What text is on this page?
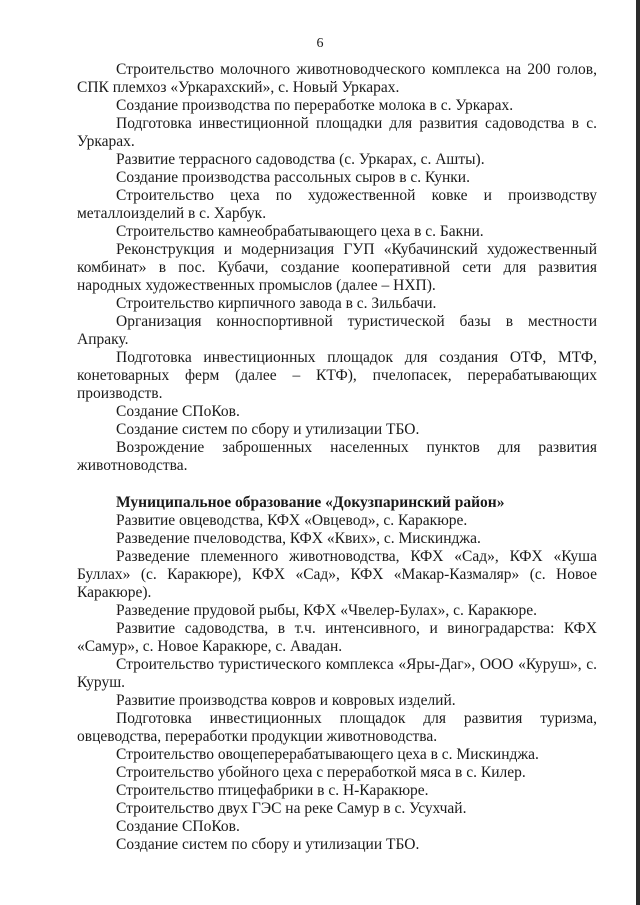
6

Строительство молочного животноводческого комплекса на 200 голов, СПК племхоз «Уркарахский», с. Новый Уркарах.

Создание производства по переработке молока в с. Уркарах.

Подготовка инвестиционной площадки для развития садоводства в с. Уркарах.

Развитие террасного садоводства (с. Уркарах, с. Ашты).

Создание производства рассольных сыров в с. Кунки.

Строительство цеха по художественной ковке и производству металлоизделий в с. Харбук.

Строительство камнеобрабатывающего цеха в с. Бакни.

Реконструкция и модернизация ГУП «Кубачинский художественный комбинат» в пос. Кубачи, создание кооперативной сети для развития народных художественных промыслов (далее – НХП).

Строительство кирпичного завода в с. Зильбачи.

Организация конноспортивной туристической базы в местности Апраку.

Подготовка инвестиционных площадок для создания ОТФ, МТФ, конетоварных ферм (далее – КТФ), пчелопасек, перерабатывающих производств.

Создание СПоКов.

Создание систем по сбору и утилизации ТБО.

Возрождение заброшенных населенных пунктов для развития животноводства.

Муниципальное образование «Докузпаринский район»

Развитие овцеводства, КФХ «Овцевод», с. Каракюре.

Разведение пчеловодства, КФХ «Квих», с. Мискинджа.

Разведение племенного животноводства, КФХ «Сад», КФХ «Куша Буллах» (с. Каракюре), КФХ «Сад», КФХ «Макар-Казмаляр» (с. Новое Каракюре).

Разведение прудовой рыбы, КФХ «Чвелер-Булах», с. Каракюре.

Развитие садоводства, в т.ч. интенсивного, и виноградарства: КФХ «Самур», с. Новое Каракюре, с. Авадан.

Строительство туристического комплекса «Яры-Даг», ООО «Куруш», с. Куруш.

Развитие производства ковров и ковровых изделий.

Подготовка инвестиционных площадок для развития туризма, овцеводства, переработки продукции животноводства.

Строительство овощеперерабатывающего цеха в с. Мискинджа.

Строительство убойного цеха с переработкой мяса в с. Килер.

Строительство птицефабрики в с. Н-Каракюре.

Строительство двух ГЭС на реке Самур в с. Усухчай.

Создание СПоКов.

Создание систем по сбору и утилизации ТБО.
